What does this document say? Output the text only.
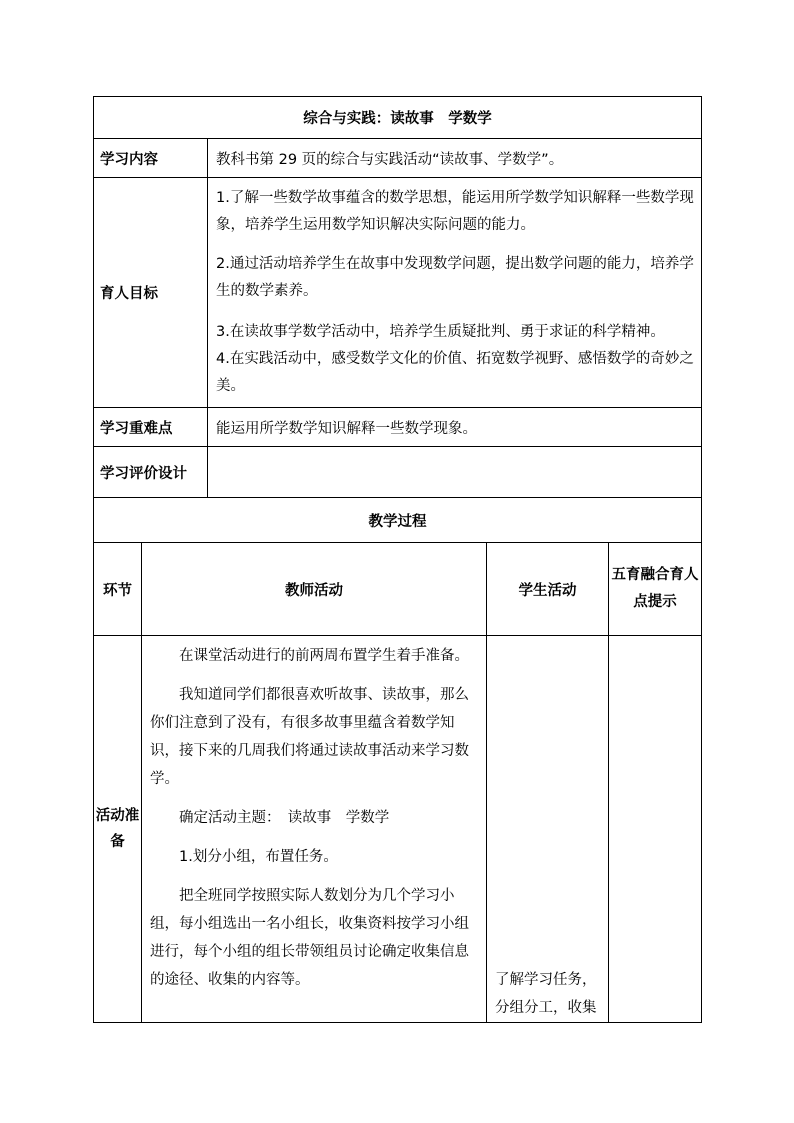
综合与实践：读故事　学数学				
学习内容		教科书第 29 页的综合与实践活动“读故事、学数学”。		
育人目标		1.了解一些数学故事蕴含的数学思想，能运用所学数学知识解释一些数学现象，培养学生运用数学知识解决实际问题的能力。

2.通过活动培养学生在故事中发现数学问题，提出数学问题的能力，培养学生的数学素养。

3.在读故事学数学活动中，培养学生质疑批判、勇于求证的科学精神。

4.在实践活动中，感受数学文化的价值、拓宽数学视野、感悟数学的奇妙之美。		

学习重难点		能运用所学数学知识解释一些数学现象。		
学习评价设计				
教学过程				
环节	教师活动		学生活动	五育融合育人点提示
活动准备	在课堂活动进行的前两周布置学生着手准备。

我知道同学们都很喜欢听故事、读故事，那么你们注意到了没有，有很多故事里蕴含着数学知识，接下来的几周我们将通过读故事活动来学习数学。

确定活动主题：　读故事　学数学

1.划分小组，布置任务。

把全班同学按照实际人数划分为几个学习小组，每小组选出一名小组长，收集资料按学习小组进行，每个小组的组长带领组员讨论确定收集信息的途径、收集的内容等。		了解学习任务，分组分工，收集	
